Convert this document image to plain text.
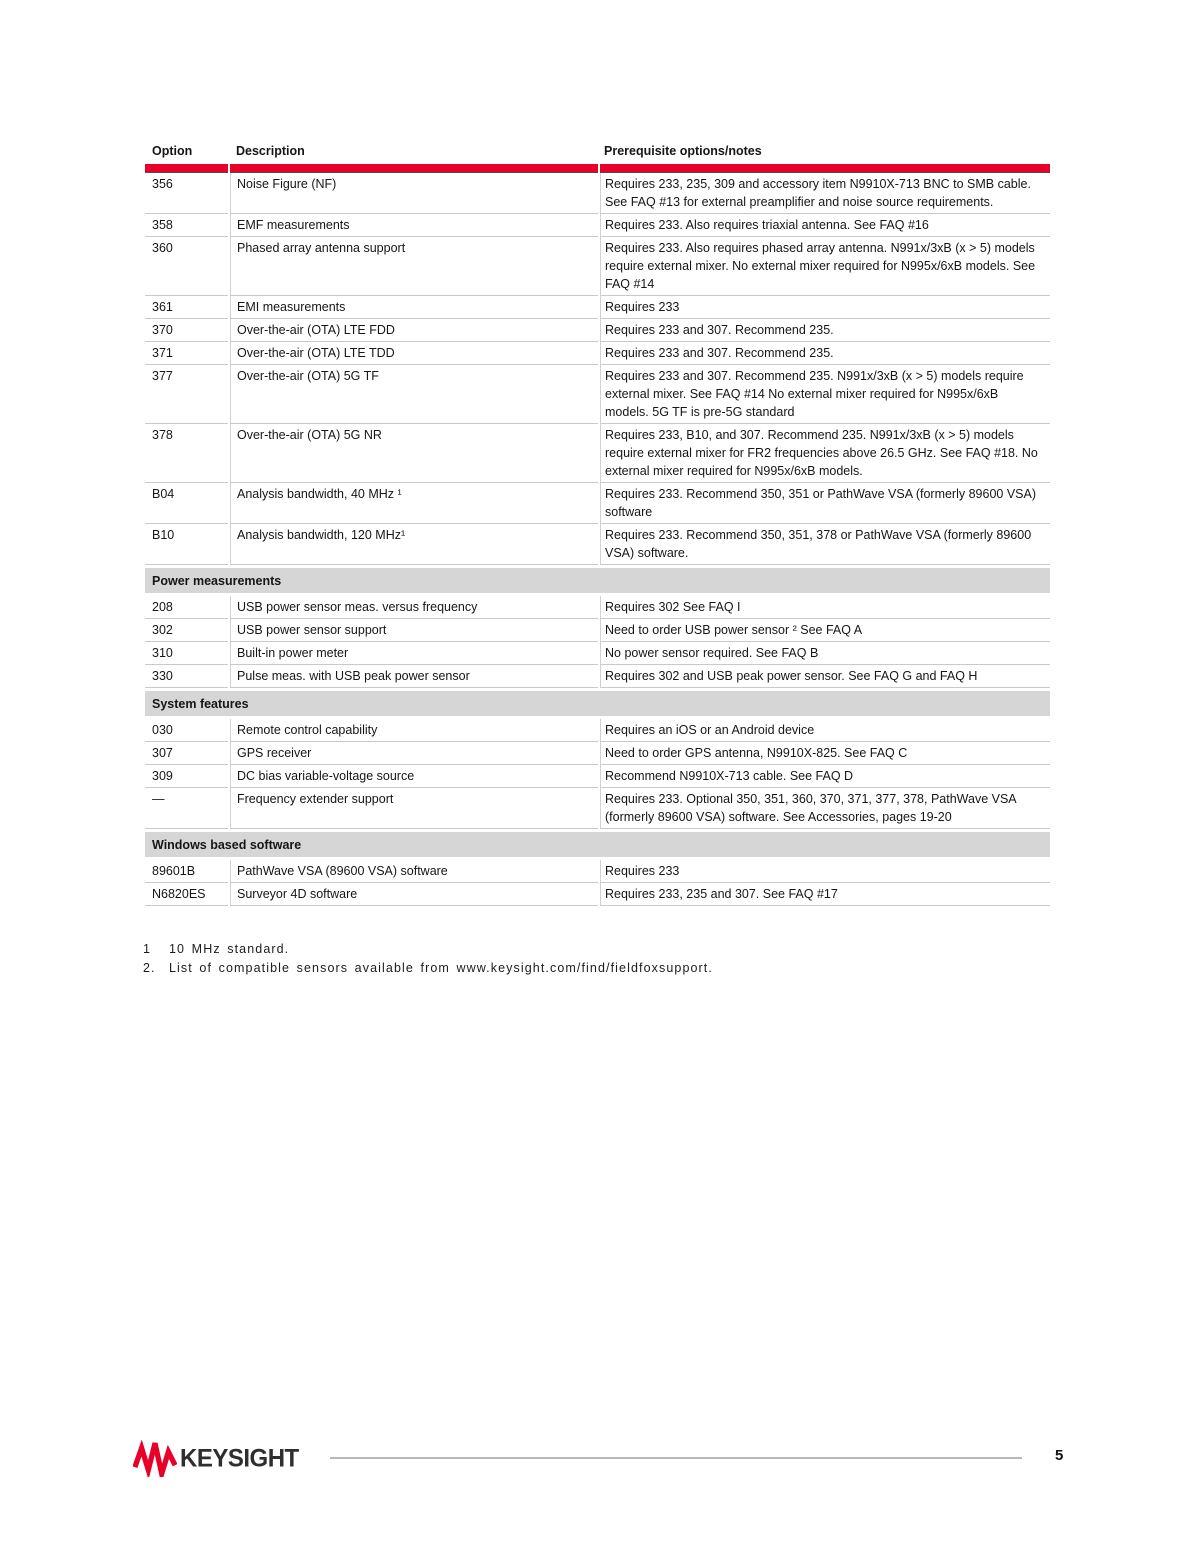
Option	Description	Prerequisite options/notes
356	Noise Figure (NF)	Requires 233, 235, 309 and accessory item N9910X-713 BNC to SMB cable. See FAQ #13 for external preamplifier and noise source requirements.
358	EMF measurements	Requires 233. Also requires triaxial antenna. See FAQ #16
360	Phased array antenna support	Requires 233. Also requires phased array antenna. N991x/3xB (x > 5) models require external mixer. No external mixer required for N995x/6xB models. See FAQ #14
361	EMI measurements	Requires 233
370	Over-the-air (OTA) LTE FDD	Requires 233 and 307. Recommend 235.
371	Over-the-air (OTA) LTE TDD	Requires 233 and 307. Recommend 235.
377	Over-the-air (OTA) 5G TF	Requires 233 and 307. Recommend 235. N991x/3xB (x > 5) models require external mixer. See FAQ #14 No external mixer required for N995x/6xB models. 5G TF is pre-5G standard
378	Over-the-air (OTA) 5G NR	Requires 233, B10, and 307. Recommend 235. N991x/3xB (x > 5) models require external mixer for FR2 frequencies above 26.5 GHz. See FAQ #18. No external mixer required for N995x/6xB models.
B04	Analysis bandwidth, 40 MHz ¹	Requires 233. Recommend 350, 351 or PathWave VSA (formerly 89600 VSA) software
B10	Analysis bandwidth, 120 MHz¹	Requires 233. Recommend 350, 351, 378 or PathWave VSA (formerly 89600 VSA) software.
Power measurements
208	USB power sensor meas. versus frequency	Requires 302 See FAQ I
302	USB power sensor support	Need to order USB power sensor ² See FAQ A
310	Built-in power meter	No power sensor required. See FAQ B
330	Pulse meas. with USB peak power sensor	Requires 302 and USB peak power sensor. See FAQ G and FAQ H
System features
030	Remote control capability	Requires an iOS or an Android device
307	GPS receiver	Need to order GPS antenna, N9910X-825. See FAQ C
309	DC bias variable-voltage source	Recommend N9910X-713 cable. See FAQ D
—	Frequency extender support	Requires 233. Optional 350, 351, 360, 370, 371, 377, 378, PathWave VSA (formerly 89600 VSA) software. See Accessories, pages 19-20
Windows based software
89601B	PathWave VSA (89600 VSA) software	Requires 233
N6820ES	Surveyor 4D software	Requires 233, 235 and 307. See FAQ #17
1	10 MHz standard.
2.	List of compatible sensors available from www.keysight.com/find/fieldfoxsupport.
KEYSIGHT	5
